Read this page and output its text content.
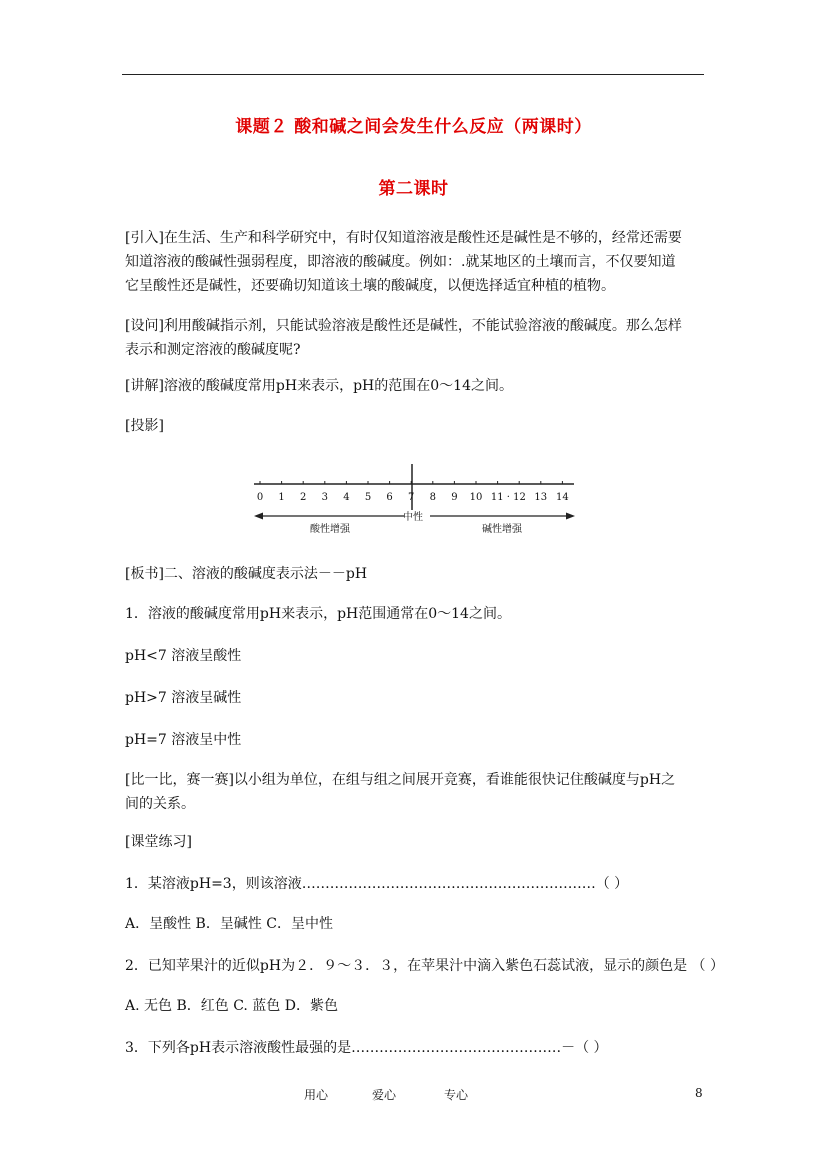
课题２ 酸和碱之间会发生什么反应（两课时）
第二课时
[引入]在生活、生产和科学研究中，有时仅知道溶液是酸性还是碱性是不够的，经常还需要
知道溶液的酸碱性强弱程度，即溶液的酸碱度。例如：.就某地区的土壤而言，不仅要知道
它呈酸性还是碱性，还要确切知道该土壤的酸碱度，以便选择适宜种植的植物。
[设问]利用酸碱指示剂，只能试验溶液是酸性还是碱性，不能试验溶液的酸碱度。那么怎样
表示和测定溶液的酸碱度呢?
[讲解]溶液的酸碱度常用pH来表示，pH的范围在0～14之间。
[投影]
0 1 2 3 4 5 6 7 8 9 10 11 · 12 13 14
中性
酸性增强	碱性增强
[板书]二、溶液的酸碱度表示法－－pH
1．溶液的酸碱度常用pH来表示，pH范围通常在0～14之间。
pH<7 溶液呈酸性
pH>7 溶液呈碱性
pH=7 溶液呈中性
[比一比，赛一赛]以小组为单位，在组与组之间展开竞赛，看谁能很快记住酸碱度与pH之
间的关系。
[课堂练习]
1．某溶液pH=3，则该溶液………………………………………………………（ ）
A．呈酸性 B．呈碱性 C．呈中性
2．已知苹果汁的近似pH为２．９～３．３，在苹果汁中滴入紫色石蕊试液，显示的颜色是 （ ）
A. 无色 B．红色 C. 蓝色 D．紫色
3．下列各pH表示溶液酸性最强的是………………………………………－（ ）
用心	爱心	专心	8
